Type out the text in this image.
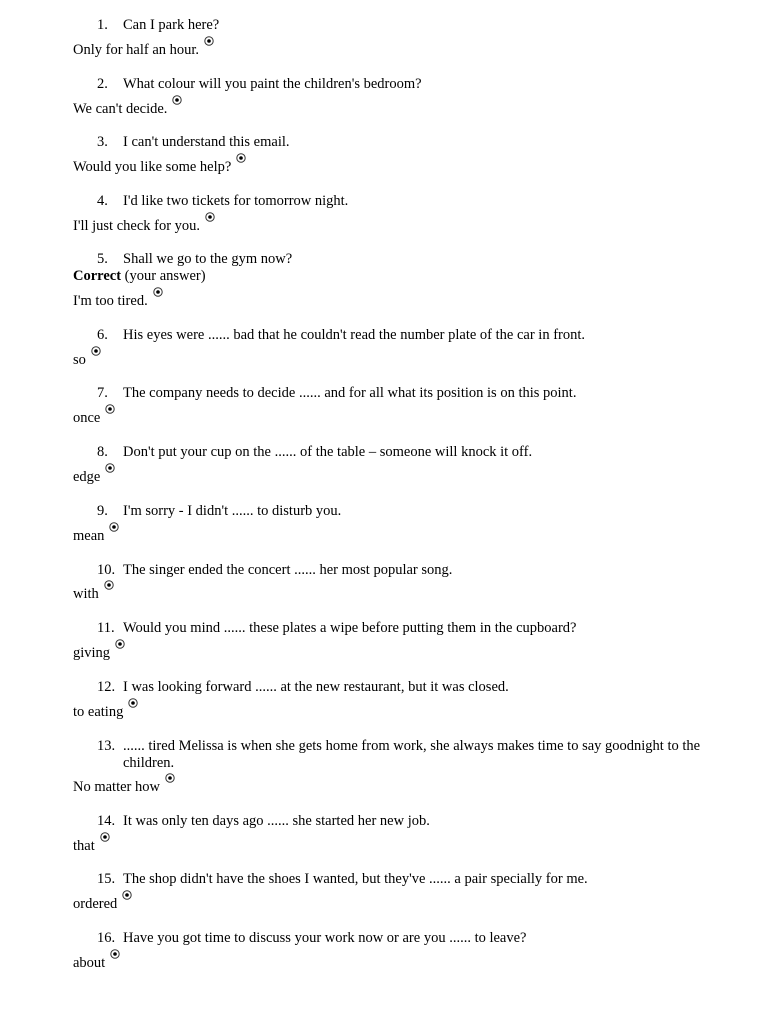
1. Can I park here?
Only for half an hour.
2. What colour will you paint the children's bedroom?
We can't decide.
3. I can't understand this email.
Would you like some help?
4. I'd like two tickets for tomorrow night.
I'll just check for you.
5. Shall we go to the gym now?
Correct (your answer)
I'm too tired.
6. His eyes were ...... bad that he couldn't read the number plate of the car in front.
so
7. The company needs to decide ...... and for all what its position is on this point.
once
8. Don't put your cup on the ...... of the table – someone will knock it off.
edge
9. I'm sorry - I didn't ...... to disturb you.
mean
10. The singer ended the concert ...... her most popular song.
with
11. Would you mind ...... these plates a wipe before putting them in the cupboard?
giving
12. I was looking forward ...... at the new restaurant, but it was closed.
to eating
13. ...... tired Melissa is when she gets home from work, she always makes time to say goodnight to the children.
No matter how
14. It was only ten days ago ...... she started her new job.
that
15. The shop didn't have the shoes I wanted, but they've ...... a pair specially for me.
ordered
16. Have you got time to discuss your work now or are you ...... to leave?
about
